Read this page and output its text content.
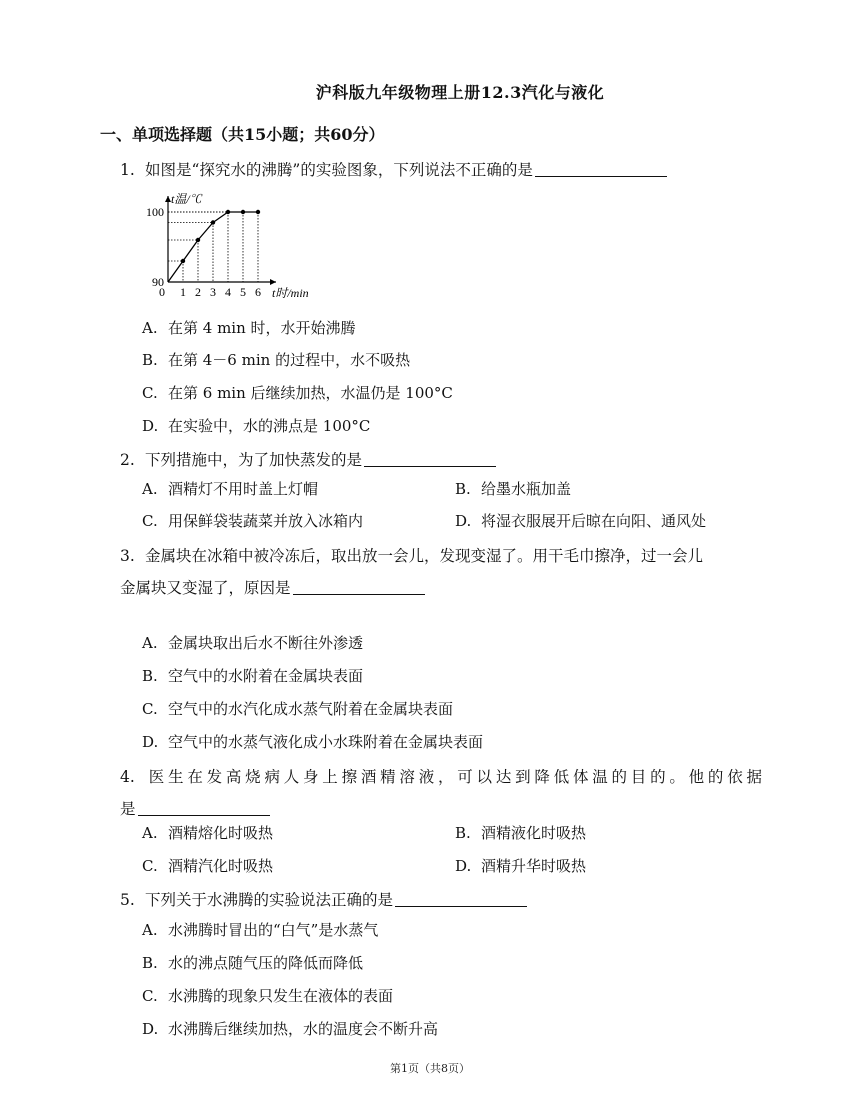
沪科版九年级物理上册12.3汽化与液化
一、单项选择题（共15小题；共60分）
1. 如图是“探究水的沸腾”的实验图象，下列说法不正确的是
90
100
0 1 2 3 4 5 6
t温/℃
t时/min
A. 在第 4 min 时，水开始沸腾
B. 在第 4－6 min 的过程中，水不吸热
C. 在第 6 min 后继续加热，水温仍是 100°C
D. 在实验中，水的沸点是 100°C
2. 下列措施中，为了加快蒸发的是
A. 酒精灯不用时盖上灯帽	B. 给墨水瓶加盖
C. 用保鲜袋装蔬菜并放入冰箱内	D. 将湿衣服展开后晾在向阳、通风处
3. 金属块在冰箱中被冷冻后，取出放一会儿，发现变湿了。用干毛巾擦净，过一会儿
金属块又变湿了，原因是
A. 金属块取出后水不断往外渗透
B. 空气中的水附着在金属块表面
C. 空气中的水汽化成水蒸气附着在金属块表面
D. 空气中的水蒸气液化成小水珠附着在金属块表面
4. 医生在发高烧病人身上擦酒精溶液，可以达到降低体温的目的。他的依据
是
A. 酒精熔化时吸热	B. 酒精液化时吸热
C. 酒精汽化时吸热	D. 酒精升华时吸热
5. 下列关于水沸腾的实验说法正确的是
A. 水沸腾时冒出的“白气”是水蒸气
B. 水的沸点随气压的降低而降低
C. 水沸腾的现象只发生在液体的表面
D. 水沸腾后继续加热，水的温度会不断升高
第1页（共8页）
